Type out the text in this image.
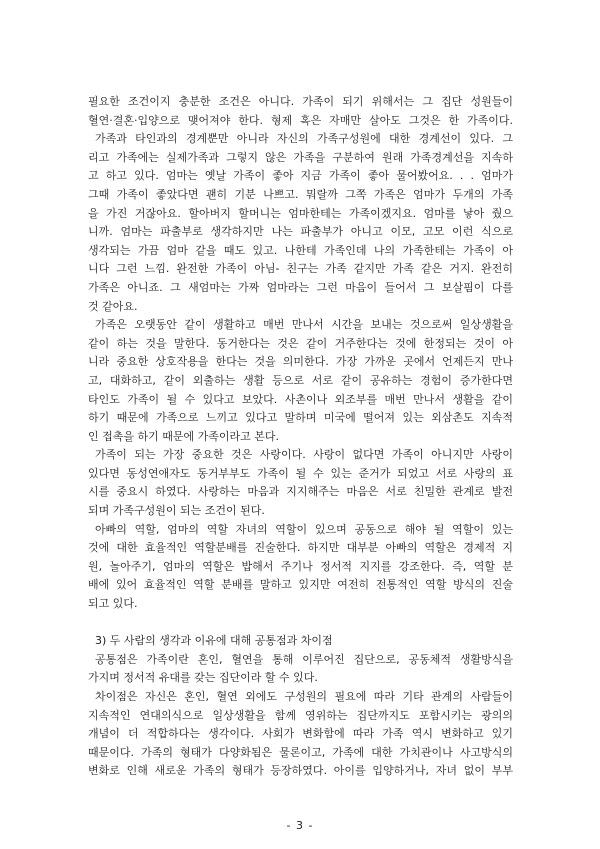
필요한 조건이지 충분한 조건은 아니다. 가족이 되기 위해서는 그 집단 성원들이
혈연·결혼·입양으로 맺어져야 한다. 형제 혹은 자매만 살아도 그것은 한 가족이다.
가족과 타인과의 경계뿐만 아니라 자신의 가족구성원에 대한 경계선이 있다. 그
리고 가족에는 실제가족과 그렇지 않은 가족을 구분하여 원래 가족경계선을 지속하
고 하고 있다. 엄마는 옛날 가족이 좋아 지금 가족이 좋아 물어봤어요. . . 엄마가
그때 가족이 좋았다면 괜히 기분 나쁘고. 뭐랄까 그쪽 가족은 엄마가 두개의 가족
을 가진 거잖아요. 할아버지 할머니는 엄마한테는 가족이겠지요. 엄마를 낳아 줬으
니까. 엄마는 파출부로 생각하지만 나는 파출부가 아니고 이모, 고모 이런 식으로
생각되는 가끔 엄마 같을 때도 있고. 나한테 가족인데 나의 가족한테는 가족이 아
니다 그런 느낌. 완전한 가족이 아님- 친구는 가족 같지만 가족 같은 거지. 완전히
가족은 아니죠. 그 새엄마는 가짜 엄마라는 그런 마음이 들어서 그 보살핌이 다를
것 같아요.
가족은 오랫동안 같이 생활하고 매번 만나서 시간을 보내는 것으로써 일상생활을
같이 하는 것을 말한다. 동거한다는 것은 같이 거주한다는 것에 한정되는 것이 아
니라 중요한 상호작용을 한다는 것을 의미한다. 가장 가까운 곳에서 언제든지 만나
고, 대화하고, 같이 외출하는 생활 등으로 서로 같이 공유하는 경험이 증가한다면
타인도 가족이 될 수 있다고 보았다. 사촌이나 외조부를 매번 만나서 생활을 같이
하기 때문에 가족으로 느끼고 있다고 말하며 미국에 떨어져 있는 외삼촌도 지속적
인 접촉을 하기 때문에 가족이라고 본다.
가족이 되는 가장 중요한 것은 사랑이다. 사랑이 없다면 가족이 아니지만 사랑이
있다면 동성연애자도 동거부부도 가족이 될 수 있는 준거가 되었고 서로 사랑의 표
시를 중요시 하였다. 사랑하는 마음과 지지해주는 마음은 서로 친밀한 관계로 발전
되며 가족구성원이 되는 조건이 된다.
아빠의 역할, 엄마의 역할 자녀의 역할이 있으며 공동으로 해야 될 역할이 있는
것에 대한 효율적인 역할분배를 진술한다. 하지만 대부분 아빠의 역할은 경제적 지
원, 놀아주기, 엄마의 역할은 밥해서 주기나 정서적 지지를 강조한다. 즉, 역할 분
배에 있어 효율적인 역할 분배를 말하고 있지만 여전히 전통적인 역할 방식의 진술
되고 있다.
3) 두 사람의 생각과 이유에 대해 공통점과 차이점
공통점은 가족이란 혼인, 혈연을 통해 이루어진 집단으로, 공동체적 생활방식을
가지며 정서적 유대를 갖는 집단이라 할 수 있다.
차이점은 자신은 혼인, 혈연 외에도 구성원의 필요에 따라 기타 관계의 사람들이
지속적인 연대의식으로 일상생활을 함께 영위하는 집단까지도 포함시키는 광의의
개념이 더 적합하다는 생각이다. 사회가 변화함에 따라 가족 역시 변화하고 있기
때문이다. 가족의 형태가 다양화됨은 물론이고, 가족에 대한 가치관이나 사고방식의
변화로 인해 새로운 가족의 형태가 등장하였다. 아이를 입양하거나, 자녀 없이 부부
- 3 -
